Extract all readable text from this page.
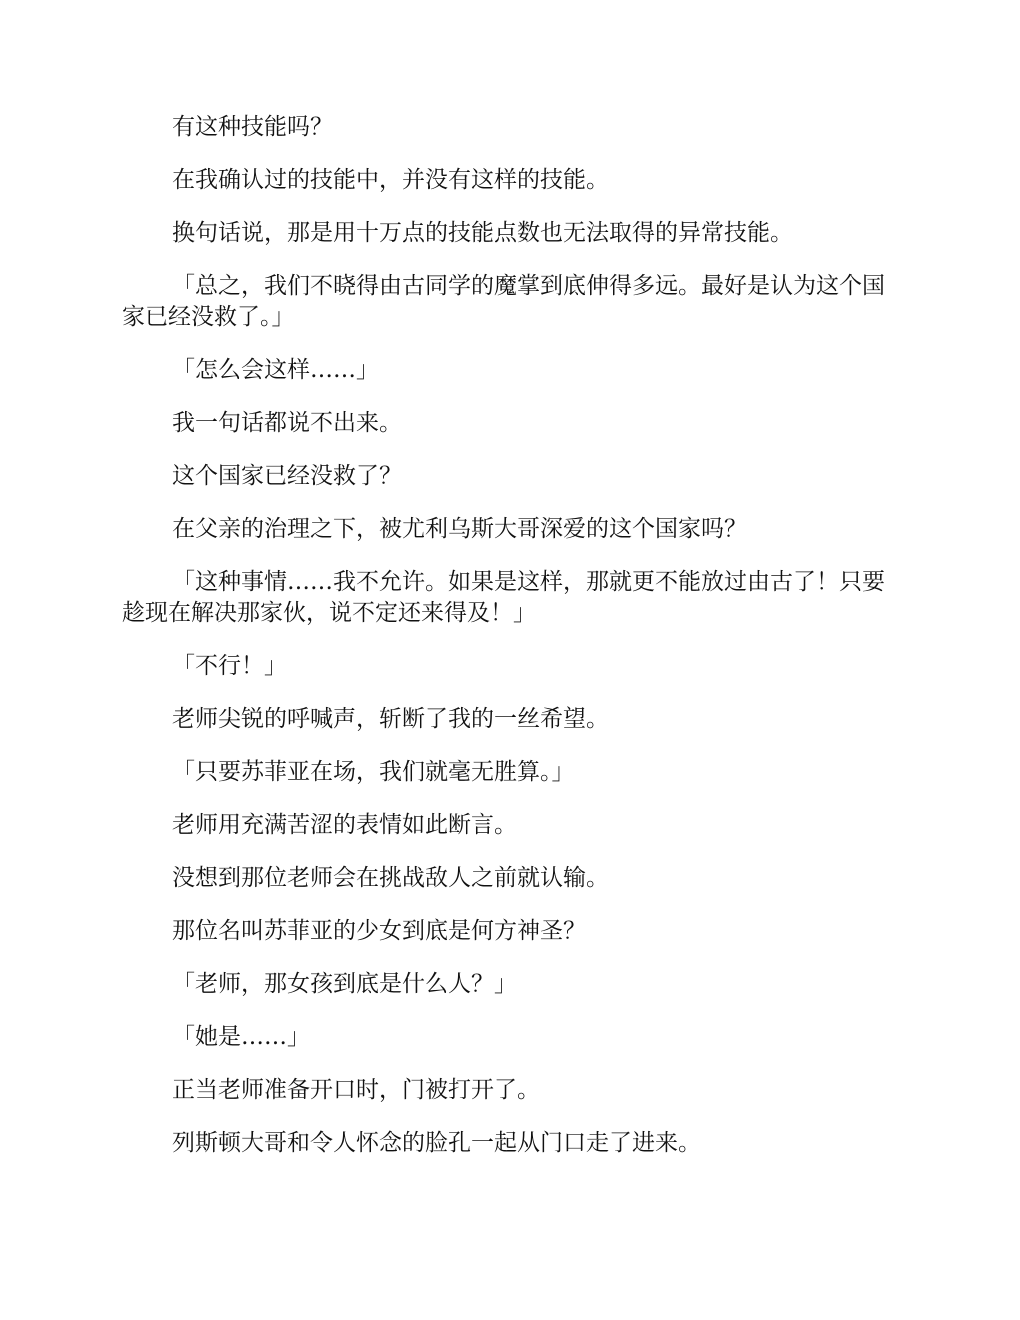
有这种技能吗？

在我确认过的技能中，并没有这样的技能。

换句话说，那是用十万点的技能点数也无法取得的异常技能。

「总之，我们不晓得由古同学的魔掌到底伸得多远。最好是认为这个国家已经没救了。」

「怎么会这样……」

我一句话都说不出来。

这个国家已经没救了？

在父亲的治理之下，被尤利乌斯大哥深爱的这个国家吗？

「这种事情……我不允许。如果是这样，那就更不能放过由古了！只要趁现在解决那家伙，说不定还来得及！」

「不行！」

老师尖锐的呼喊声，斩断了我的一丝希望。

「只要苏菲亚在场，我们就毫无胜算。」

老师用充满苦涩的表情如此断言。

没想到那位老师会在挑战敌人之前就认输。

那位名叫苏菲亚的少女到底是何方神圣？

「老师，那女孩到底是什么人？」

「她是……」

正当老师准备开口时，门被打开了。

列斯顿大哥和令人怀念的脸孔一起从门口走了进来。
